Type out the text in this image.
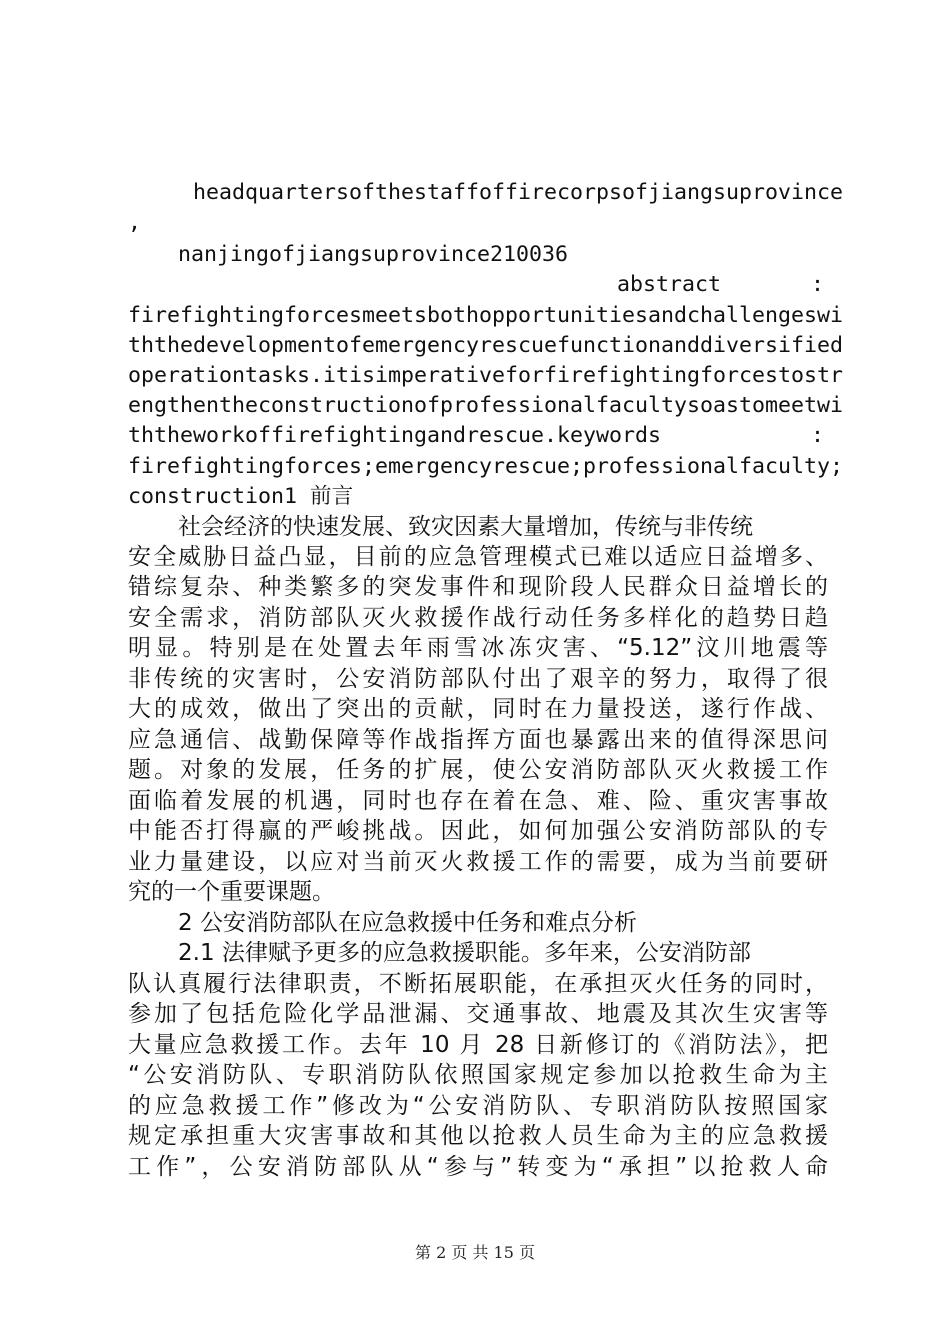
headquartersofthestaffoffirecorpsofjiangsuprovince
,
nanjingofjiangsuprovince210036
abstract	:
firefightingforcesmeetsbothopportunitiesandchallengeswi
ththedevelopmentofemergencyrescuefunctionanddiversified
operationtasks.itisimperativeforfirefightingforcestostr
engthentheconstructionofprofessionalfacultysoastomeetwi
ththeworkoffirefightingandrescue.keywords	:
firefightingforces;emergencyrescue;professionalfaculty;
construction1 前言
社会经济的快速发展、致灾因素大量增加，传统与非传统
安全威胁日益凸显，目前的应急管理模式已难以适应日益增多、
错综复杂、种类繁多的突发事件和现阶段人民群众日益增长的
安全需求，消防部队灭火救援作战行动任务多样化的趋势日趋
明显。特别是在处置去年雨雪冰冻灾害、“5.12”汶川地震等
非传统的灾害时，公安消防部队付出了艰辛的努力，取得了很
大的成效，做出了突出的贡献，同时在力量投送，遂行作战、
应急通信、战勤保障等作战指挥方面也暴露出来的值得深思问
题。对象的发展，任务的扩展，使公安消防部队灭火救援工作
面临着发展的机遇，同时也存在着在急、难、险、重灾害事故
中能否打得赢的严峻挑战。因此，如何加强公安消防部队的专
业力量建设，以应对当前灭火救援工作的需要，成为当前要研
究的一个重要课题。
2 公安消防部队在应急救援中任务和难点分析
2.1 法律赋予更多的应急救援职能。多年来，公安消防部
队认真履行法律职责，不断拓展职能，在承担灭火任务的同时，
参加了包括危险化学品泄漏、交通事故、地震及其次生灾害等
大量应急救援工作。去年 10 月 28 日新修订的《消防法》，把
“公安消防队、专职消防队依照国家规定参加以抢救生命为主
的应急救援工作”修改为“公安消防队、专职消防队按照国家
规定承担重大灾害事故和其他以抢救人员生命为主的应急救援
工作”，公安消防部队从“参与”转变为“承担”以抢救人命
第 2 页 共 15 页
